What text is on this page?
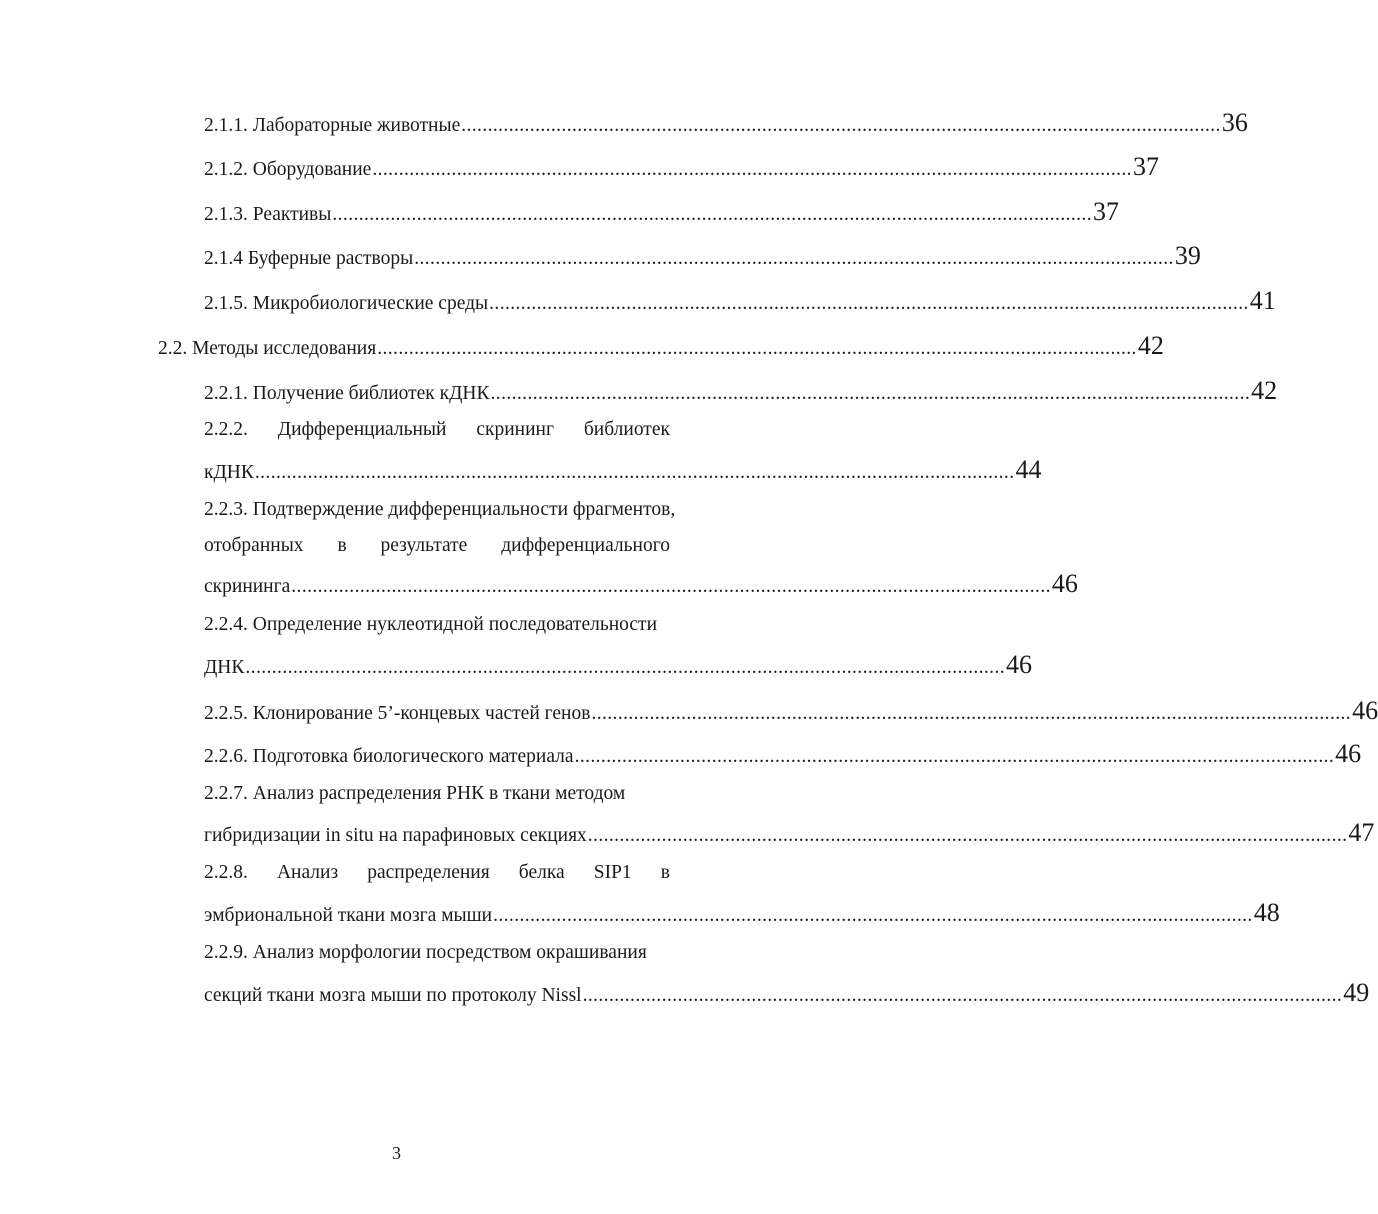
2.1.1. Лабораторные животные ................................................................................................................................................ 36
2.1.2. Оборудование ................................................................................................................................................ 37
2.1.3. Реактивы ................................................................................................................................................ 37
2.1.4 Буферные растворы ................................................................................................................................................ 39
2.1.5. Микробиологические среды ................................................................................................................................................ 41
2.2. Методы исследования ................................................................................................................................................ 42
2.2.1. Получение библиотек кДНК ................................................................................................................................................ 42
2.2.2. Дифференциальный скрининг библиотек
кДНК ................................................................................................................................................ 44
2.2.3. Подтверждение дифференциальности фрагментов,
отобранных в результате дифференциального
скрининга ................................................................................................................................................ 46
2.2.4. Определение нуклеотидной последовательности
ДНК ................................................................................................................................................ 46
2.2.5. Клонирование 5’-концевых частей генов ................................................................................................................................................ 46
2.2.6. Подготовка биологического материала ................................................................................................................................................ 46
2.2.7. Анализ распределения РНК в ткани методом
гибридизации in situ на парафиновых секциях ................................................................................................................................................ 47
2.2.8. Анализ распределения белка SIP1 в
эмбриональной ткани мозга мыши ................................................................................................................................................ 48
2.2.9. Анализ морфологии посредством окрашивания
секций ткани мозга мыши по протоколу Nissl ................................................................................................................................................ 49
3
